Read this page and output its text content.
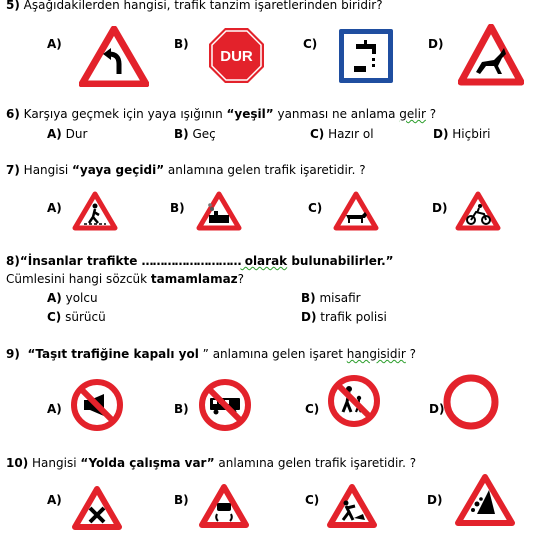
5) Aşağıdakilerden hangisi, trafik tanzim işaretlerinden biridir?
A)	B)
DUR
C)	D)
6) Karşıya geçmek için yaya ışığının “yeşil” yanması ne anlama gelir ?
A) Dur	B) Geç	C) Hazır ol	D) Hiçbiri
7) Hangisi “yaya geçidi” anlamına gelen trafik işaretidir. ?
A)	B)	C)	D)
8)“İnsanlar trafikte ……………………… olarak bulunabilirler.”
Cümlesini hangi sözcük tamamlamaz?
A) yolcu	B) misafir
C) sürücü	D) trafik polisi
9) “Taşıt trafiğine kapalı yol ” anlamına gelen işaret hangisidir ?
A)	B)	C)	D)
10) Hangisi “Yolda çalışma var” anlamına gelen trafik işaretidir. ?
A)	B)	C)	D)
